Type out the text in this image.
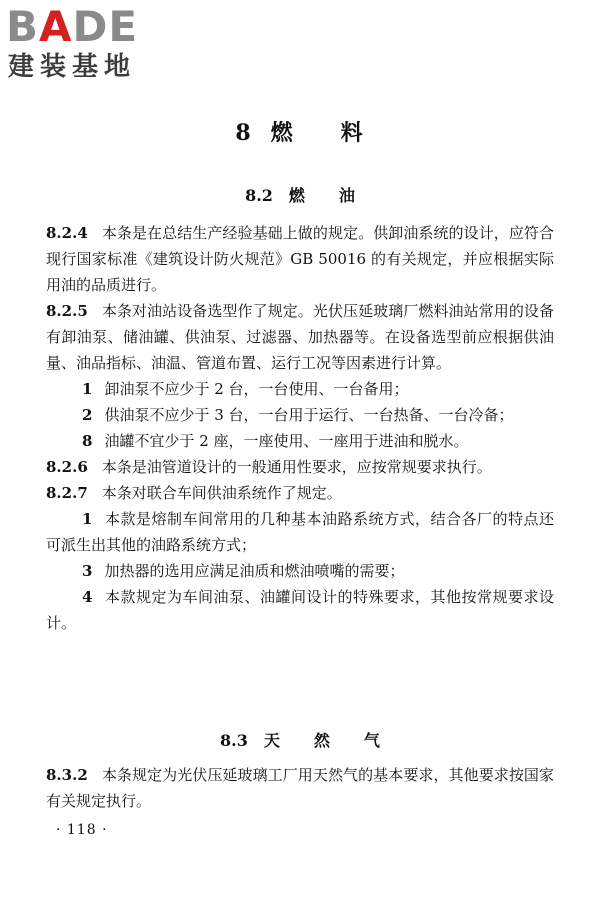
BADE
建装基地
8 燃 料
8.2 燃 油

8.2.4 本条是在总结生产经验基础上做的规定。供卸油系统的设计，应符合现行国家标准《建筑设计防火规范》GB 50016 的有关规定，并应根据实际用油的品质进行。

8.2.5 本条对油站设备选型作了规定。光伏压延玻璃厂燃料油站常用的设备有卸油泵、储油罐、供油泵、过滤器、加热器等。在设备选型前应根据供油量、油品指标、油温、管道布置、运行工况等因素进行计算。

1 卸油泵不应少于 2 台，一台使用、一台备用；

2 供油泵不应少于 3 台，一台用于运行、一台热备、一台冷备；

8 油罐不宜少于 2 座，一座使用、一座用于进油和脱水。

8.2.6 本条是油管道设计的一般通用性要求，应按常规要求执行。

8.2.7 本条对联合车间供油系统作了规定。

1 本款是熔制车间常用的几种基本油路系统方式，结合各厂的特点还可派生出其他的油路系统方式；

3 加热器的选用应满足油质和燃油喷嘴的需要；

4 本款规定为车间油泵、油罐间设计的特殊要求，其他按常规要求设计。

8.3 天 然 气

8.3.2 本条规定为光伏压延玻璃工厂用天然气的基本要求，其他要求按国家有关规定执行。

· 118 ·
